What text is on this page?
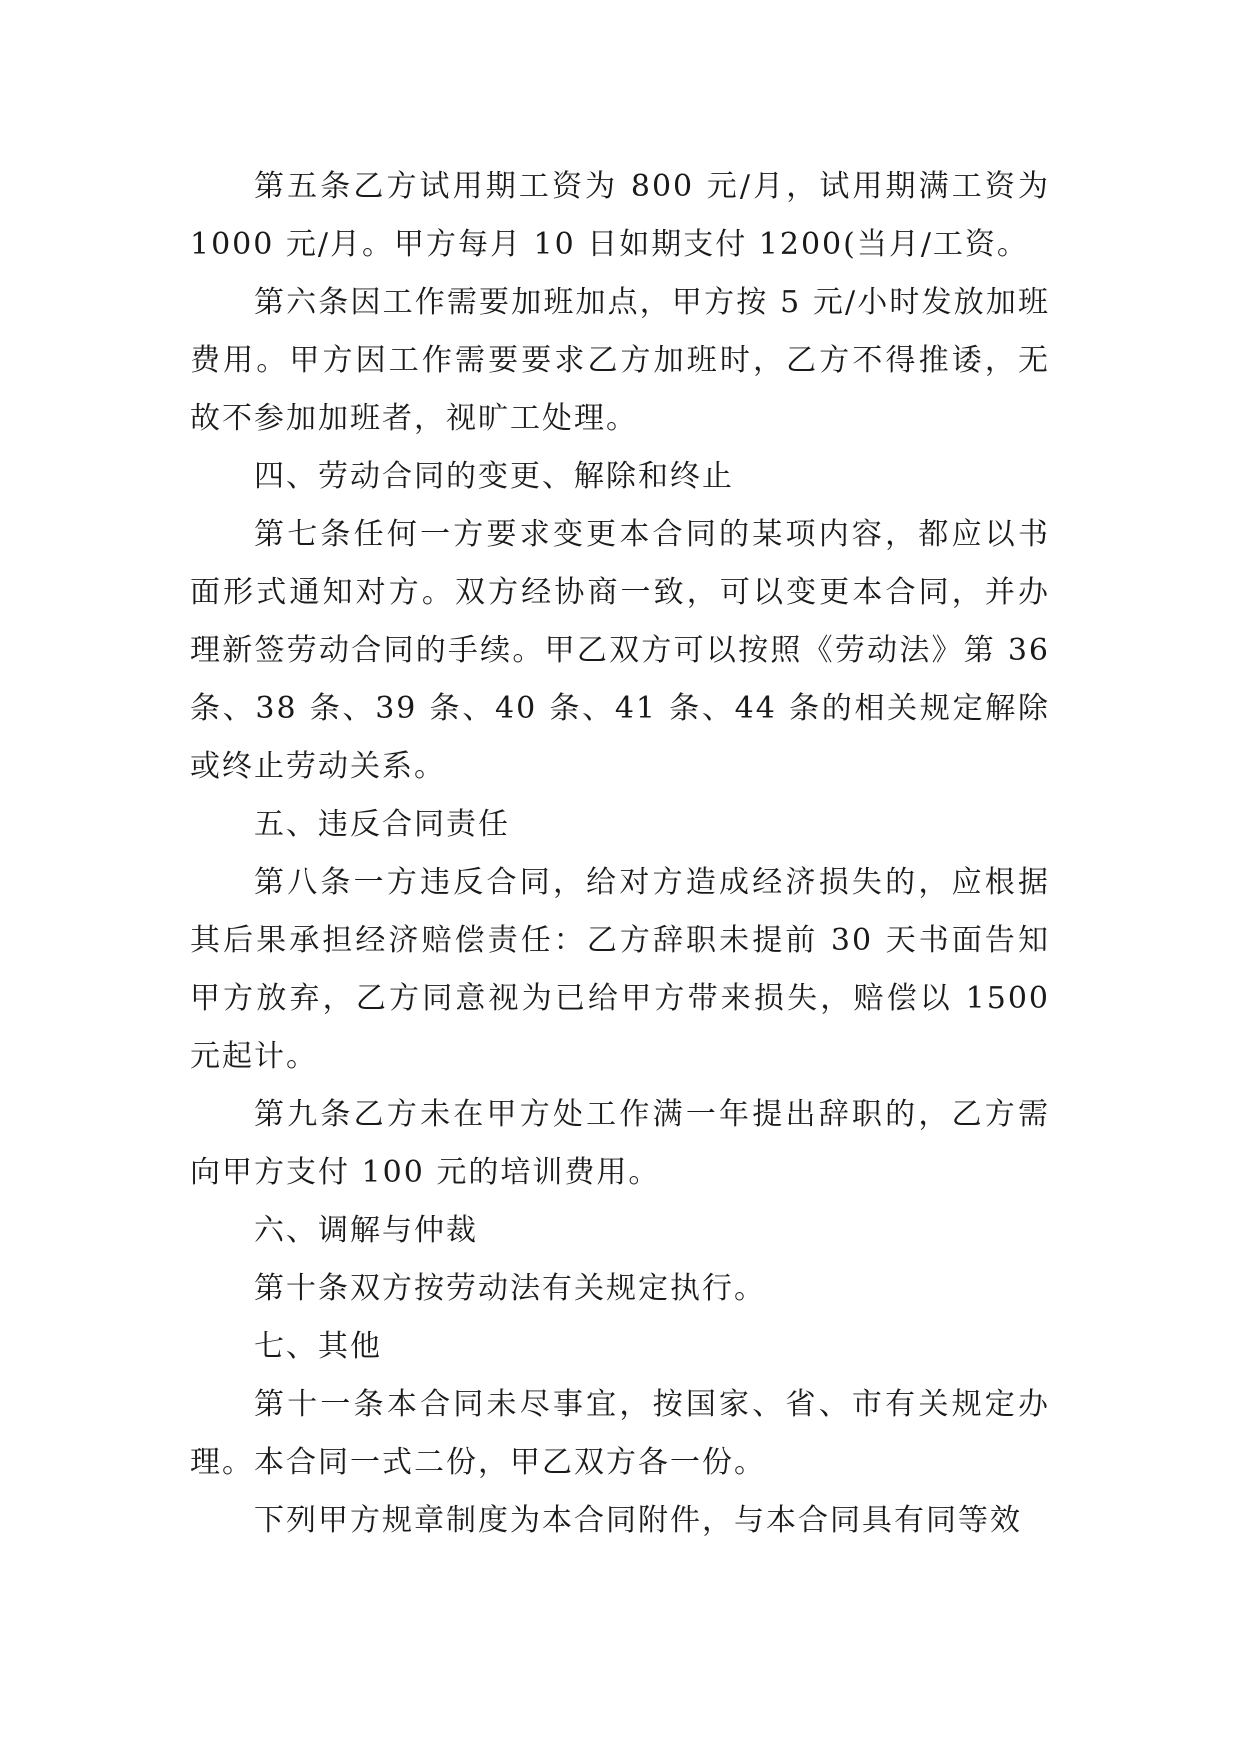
第五条乙方试用期工资为 800 元/月，试用期满工资为 1000 元/月。甲方每月 10 日如期支付 1200(当月/工资。

第六条因工作需要加班加点，甲方按 5 元/小时发放加班费用。甲方因工作需要要求乙方加班时，乙方不得推诿，无故不参加加班者，视旷工处理。

四、劳动合同的变更、解除和终止

第七条任何一方要求变更本合同的某项内容，都应以书面形式通知对方。双方经协商一致，可以变更本合同，并办理新签劳动合同的手续。甲乙双方可以按照《劳动法》第 36 条、38 条、39 条、40 条、41 条、44 条的相关规定解除或终止劳动关系。

五、违反合同责任

第八条一方违反合同，给对方造成经济损失的，应根据其后果承担经济赔偿责任：乙方辞职未提前 30 天书面告知甲方放弃，乙方同意视为已给甲方带来损失，赔偿以 1500 元起计。

第九条乙方未在甲方处工作满一年提出辞职的，乙方需向甲方支付 100 元的培训费用。

六、调解与仲裁

第十条双方按劳动法有关规定执行。

七、其他

第十一条本合同未尽事宜，按国家、省、市有关规定办理。本合同一式二份，甲乙双方各一份。

下列甲方规章制度为本合同附件，与本合同具有同等效
